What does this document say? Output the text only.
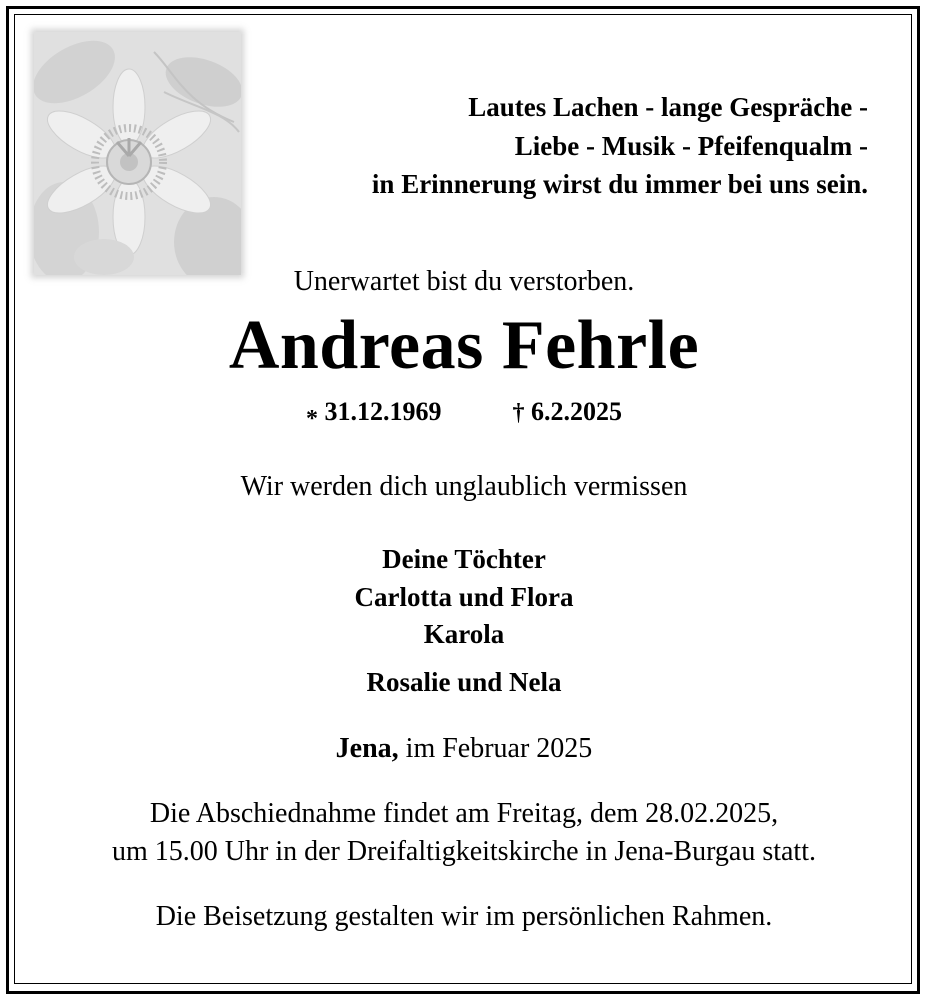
Lautes Lachen - lange Gespräche -

Liebe - Musik - Pfeifenqualm -

in Erinnerung wirst du immer bei uns sein.

Unerwartet bist du verstorben.

Andreas Fehrle

* 31.12.1969	† 6.2.2025

Wir werden dich unglaublich vermissen

Deine Töchter

Carlotta und Flora

Karola

Rosalie und Nela

Jena, im Februar 2025

Die Abschiednahme findet am Freitag, dem 28.02.2025,

um 15.00 Uhr in der Dreifaltigkeitskirche in Jena-Burgau statt.

Die Beisetzung gestalten wir im persönlichen Rahmen.
